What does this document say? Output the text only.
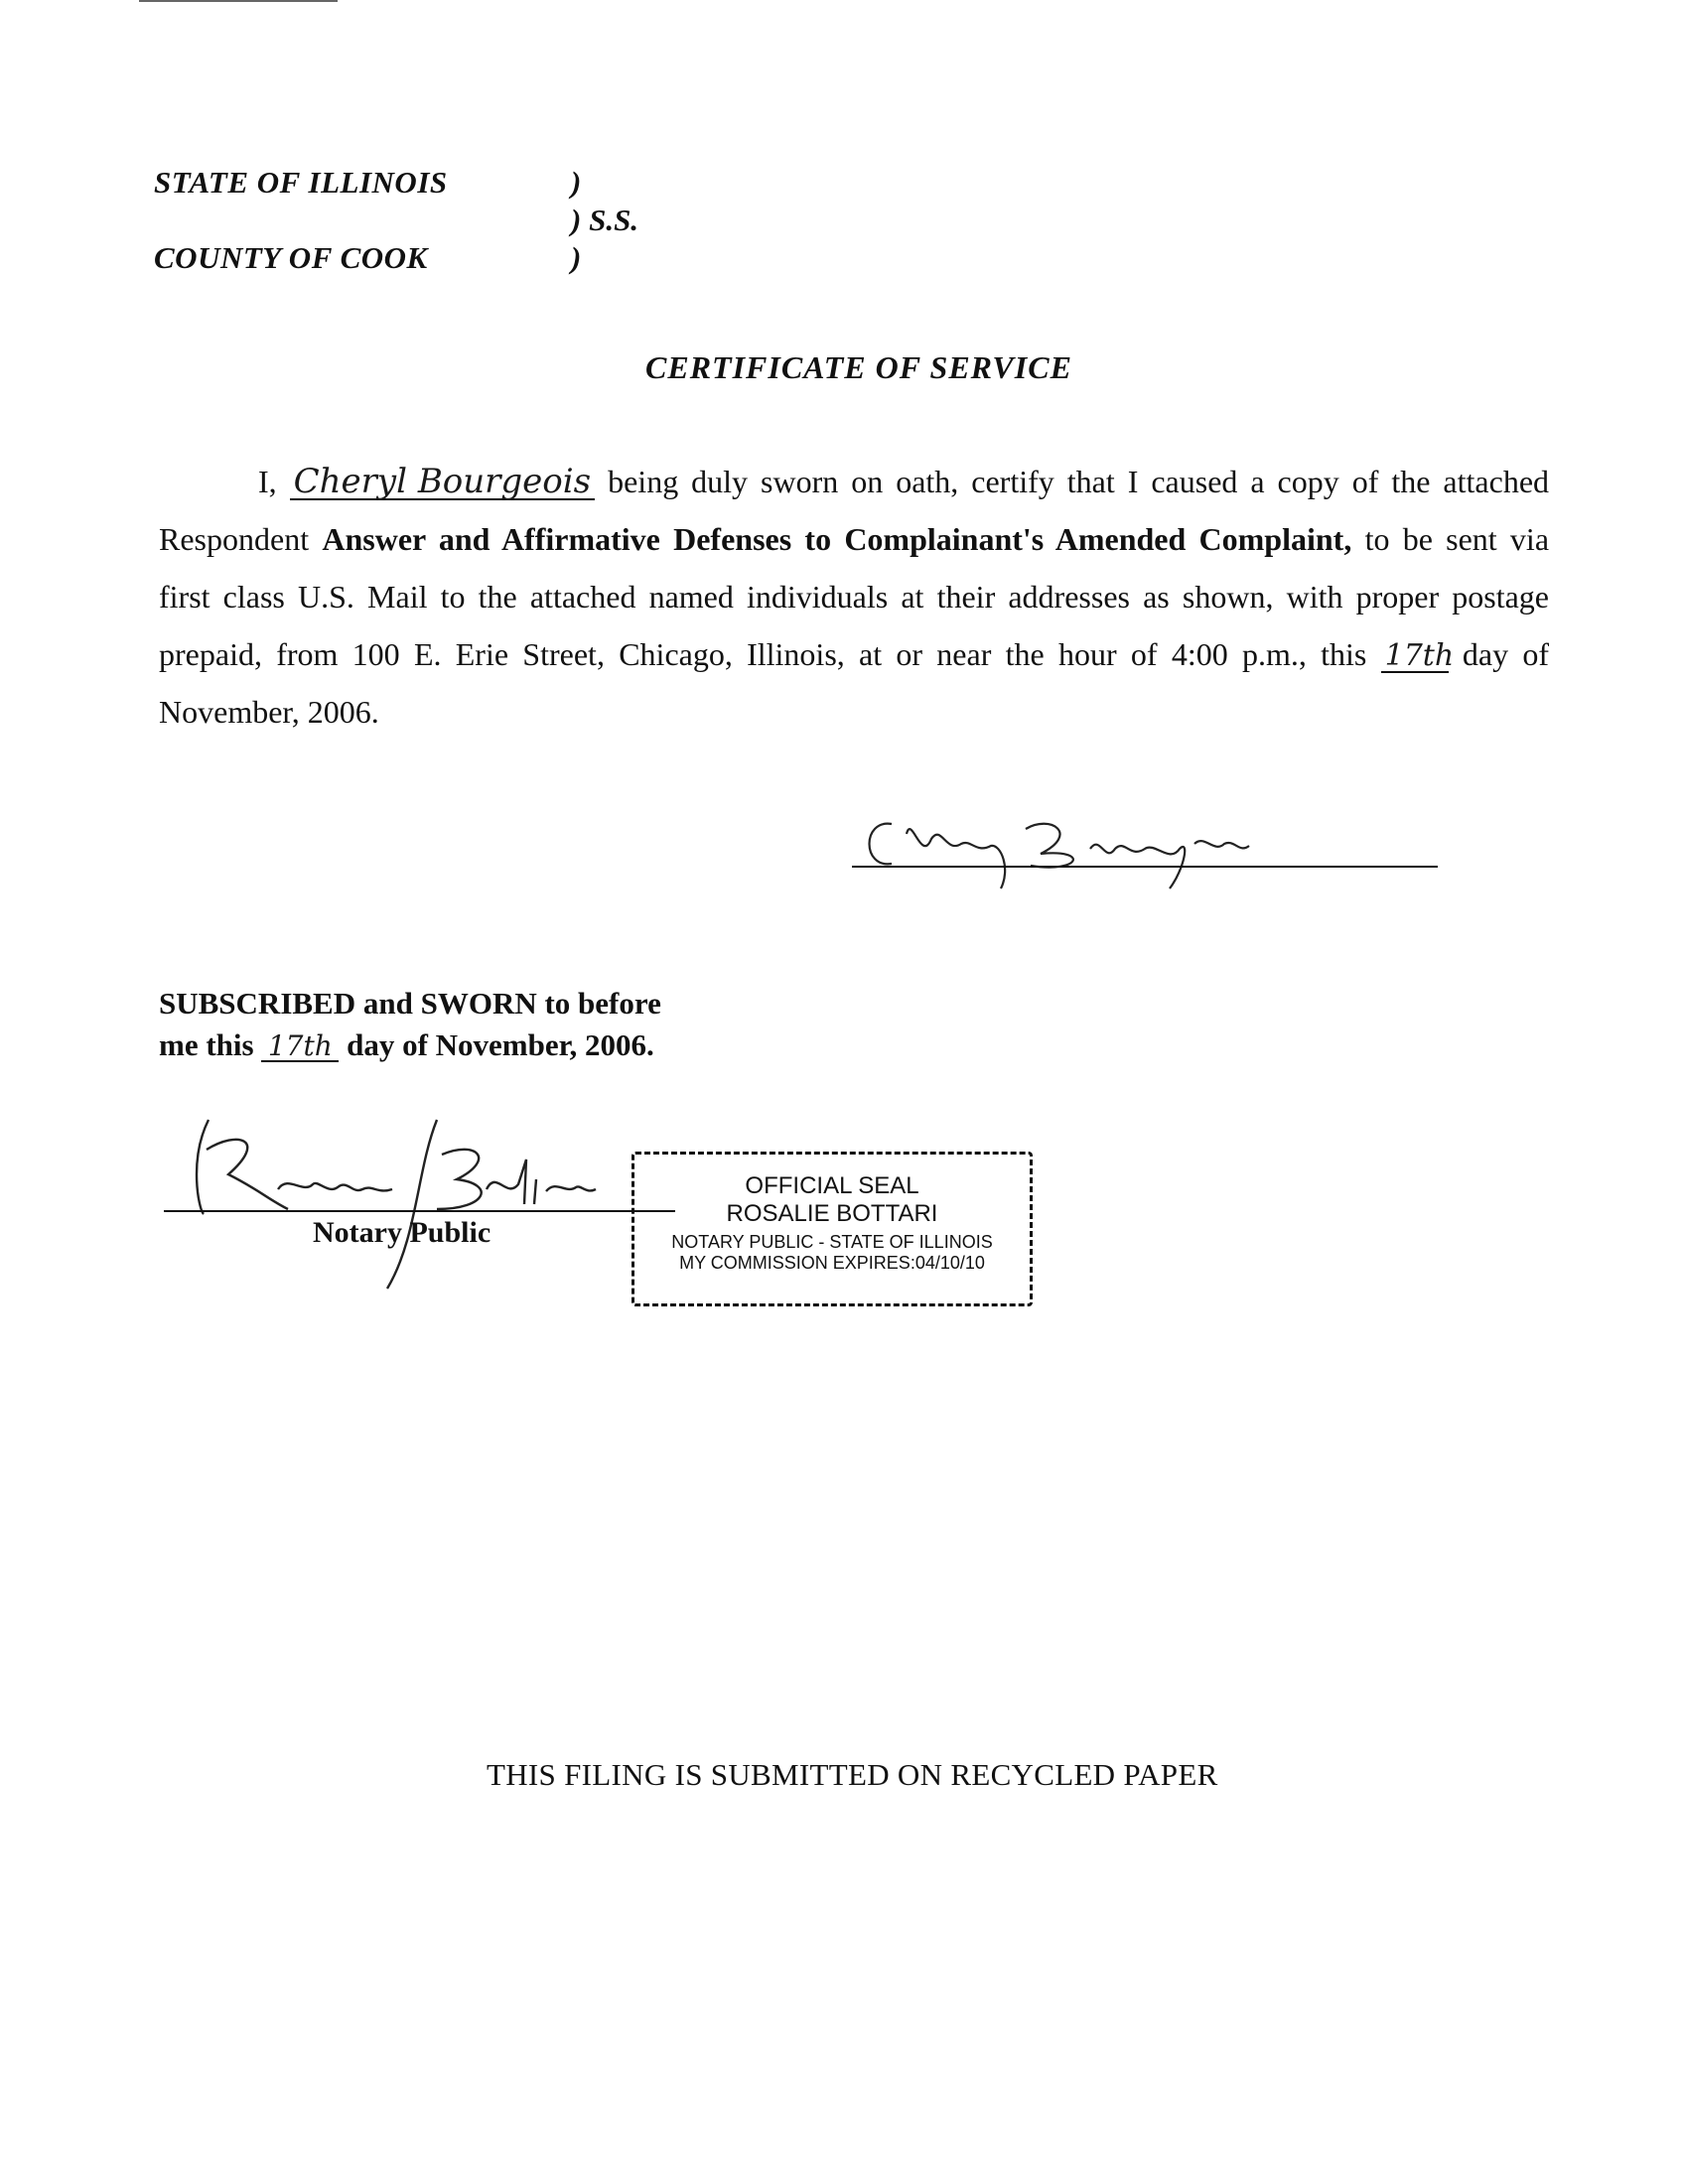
STATE OF ILLINOIS
COUNTY OF COOK
)
) S.S.
)
CERTIFICATE OF SERVICE
I, Cheryl Bourgeois being duly sworn on oath, certify that I caused a copy of the attached
Respondent Answer and Affirmative Defenses to Complainant's Amended Complaint, to be sent via
first class U.S. Mail to the attached named individuals at their addresses as shown, with proper postage
prepaid, from 100 E. Erie Street, Chicago, Illinois, at or near the hour of 4:00 p.m., this 17th day of
November, 2006.
SUBSCRIBED and SWORN to before
me this 17th day of November, 2006.
Notary Public
OFFICIAL SEAL
ROSALIE BOTTARI
NOTARY PUBLIC - STATE OF ILLINOIS
MY COMMISSION EXPIRES:04/10/10
THIS FILING IS SUBMITTED ON RECYCLED PAPER
